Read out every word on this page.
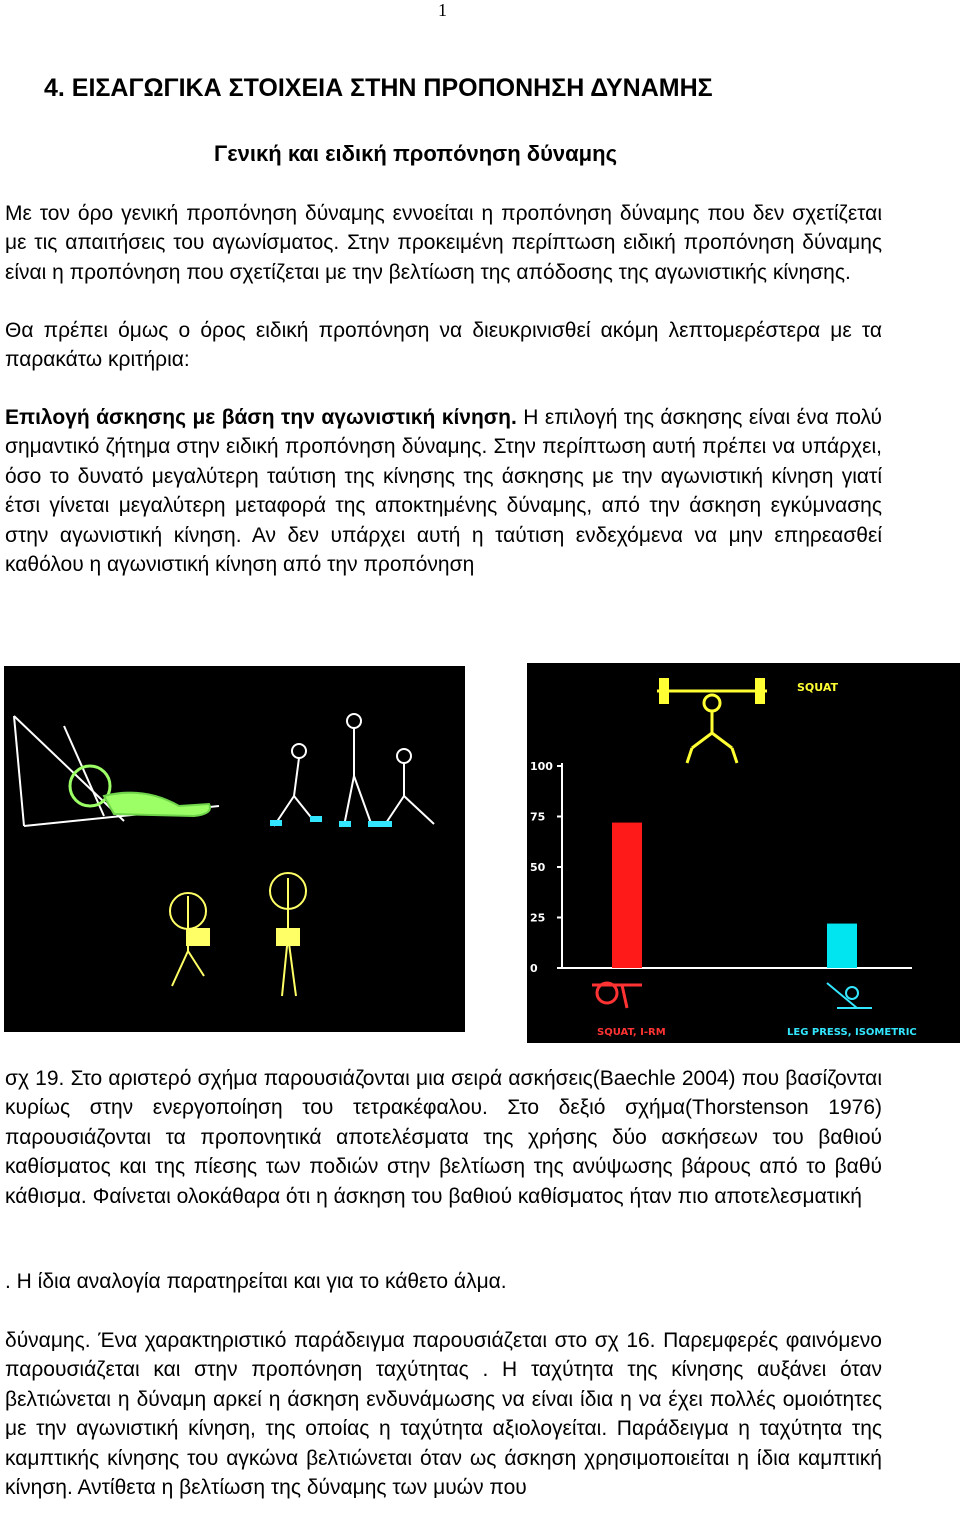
1
4. ΕΙΣΑΓΩΓΙΚΑ ΣΤΟΙΧΕΙΑ ΣΤΗΝ ΠΡΟΠΟΝΗΣΗ ΔΥΝΑΜΗΣ
Γενική και ειδική προπόνηση δύναμης
Με τον όρο γενική προπόνηση δύναμης εννοείται η προπόνηση δύναμης που δεν σχετίζεται με τις απαιτήσεις του αγωνίσματος. Στην προκειμένη περίπτωση ειδική προπόνηση δύναμης είναι η προπόνηση που σχετίζεται με την βελτίωση της απόδοσης της αγωνιστικής κίνησης.
Θα πρέπει όμως ο όρος ειδική προπόνηση να διευκρινισθεί ακόμη λεπτομερέστερα με τα παρακάτω κριτήρια:
Επιλογή άσκησης με βάση την αγωνιστική κίνηση. Η επιλογή της άσκησης είναι ένα πολύ σημαντικό ζήτημα στην ειδική προπόνηση δύναμης. Στην περίπτωση αυτή πρέπει να υπάρχει, όσο το δυνατό μεγαλύτερη ταύτιση της κίνησης της άσκησης με την αγωνιστική κίνηση γιατί έτσι γίνεται μεγαλύτερη μεταφορά της αποκτημένης δύναμης, από την άσκηση εγκύμνασης στην αγωνιστική κίνηση. Αν δεν υπάρχει αυτή η ταύτιση ενδεχόμενα να μην επηρεασθεί καθόλου η αγωνιστική κίνηση από την προπόνηση
SQUAT
100
75
50
25
0
SQUAT, I-RM	LEG PRESS, ISOMETRIC
σχ 19. Στο αριστερό σχήμα παρουσιάζονται μια σειρά ασκήσεις(Baechle 2004) που βασίζονται κυρίως στην ενεργοποίηση του τετρακέφαλου. Στο δεξιό σχήμα(Thorstenson 1976) παρουσιάζονται τα προπονητικά αποτελέσματα της χρήσης δύο ασκήσεων του βαθιού καθίσματος και της πίεσης των ποδιών στην βελτίωση της ανύψωσης βάρους από το βαθύ κάθισμα. Φαίνεται ολοκάθαρα ότι η άσκηση του βαθιού καθίσματος ήταν πιο αποτελεσματική
. Η ίδια αναλογία παρατηρείται και για το κάθετο άλμα.
δύναμης. Ένα χαρακτηριστικό παράδειγμα παρουσιάζεται στο σχ 16. Παρεμφερές φαινόμενο παρουσιάζεται και στην προπόνηση ταχύτητας . Η ταχύτητα της κίνησης αυξάνει όταν βελτιώνεται η δύναμη αρκεί η άσκηση ενδυνάμωσης να είναι ίδια η να έχει πολλές ομοιότητες με την αγωνιστική κίνηση, της οποίας η ταχύτητα αξιολογείται. Παράδειγμα η ταχύτητα της καμπτικής κίνησης του αγκώνα βελτιώνεται όταν ως άσκηση χρησιμοποιείται η ίδια καμπτική κίνηση. Αντίθετα η βελτίωση της δύναμης των μυών που
